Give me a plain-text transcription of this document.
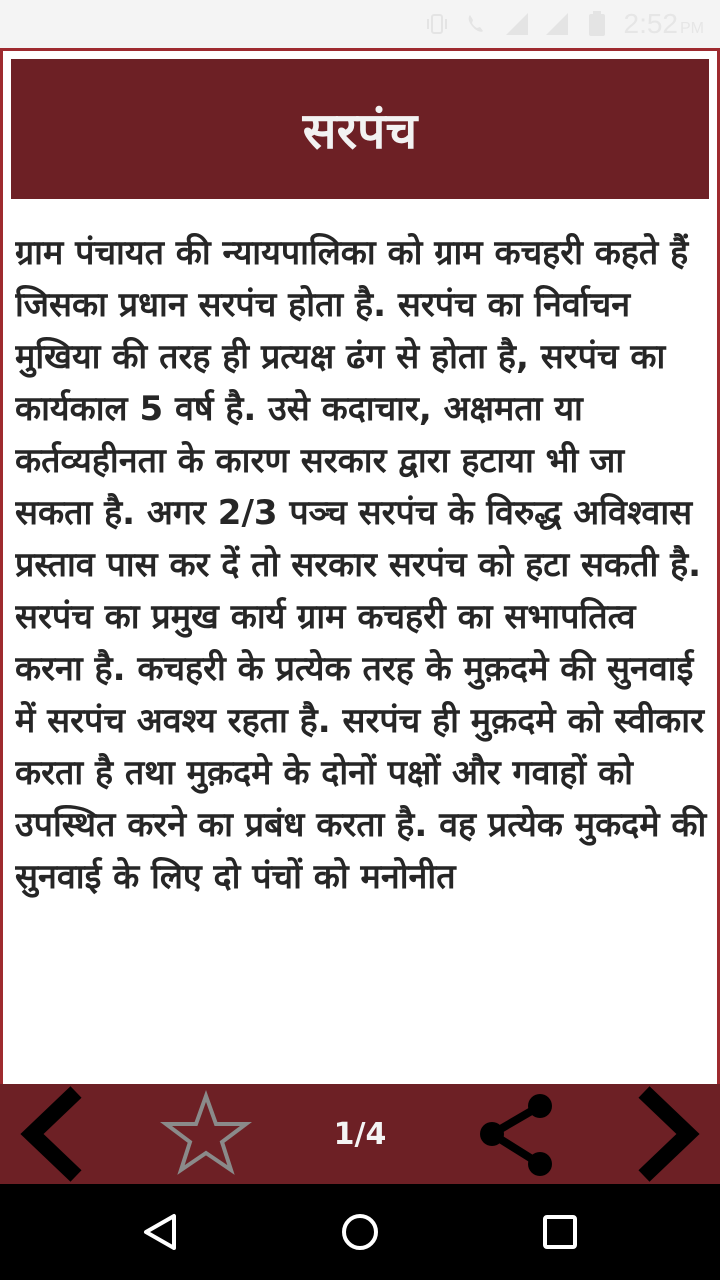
2:52 PM
सरपंच

ग्राम पंचायत की न्यायपालिका को ग्राम कचहरी कहते हैं जिसका प्रधान सरपंच होता है. सरपंच का निर्वाचन मुखिया की तरह ही प्रत्यक्ष ढंग से होता है, सरपंच का कार्यकाल 5 वर्ष है. उसे कदाचार, अक्षमता या कर्तव्यहीनता के कारण सरकार द्वारा हटाया भी जा सकता है. अगर 2/3 पञ्च सरपंच के विरुद्ध अविश्वास प्रस्ताव पास कर दें तो सरकार सरपंच को हटा सकती है. सरपंच का प्रमुख कार्य ग्राम कचहरी का सभापतित्व करना है. कचहरी के प्रत्येक तरह के मुक़दमे की सुनवाई में सरपंच अवश्य रहता है. सरपंच ही मुक़दमे को स्वीकार करता है तथा मुक़दमे के दोनों पक्षों और गवाहों को उपस्थित करने का प्रबंध करता है. वह प्रत्येक मुकदमे की सुनवाई के लिए दो पंचों को मनोनीत

1/4
